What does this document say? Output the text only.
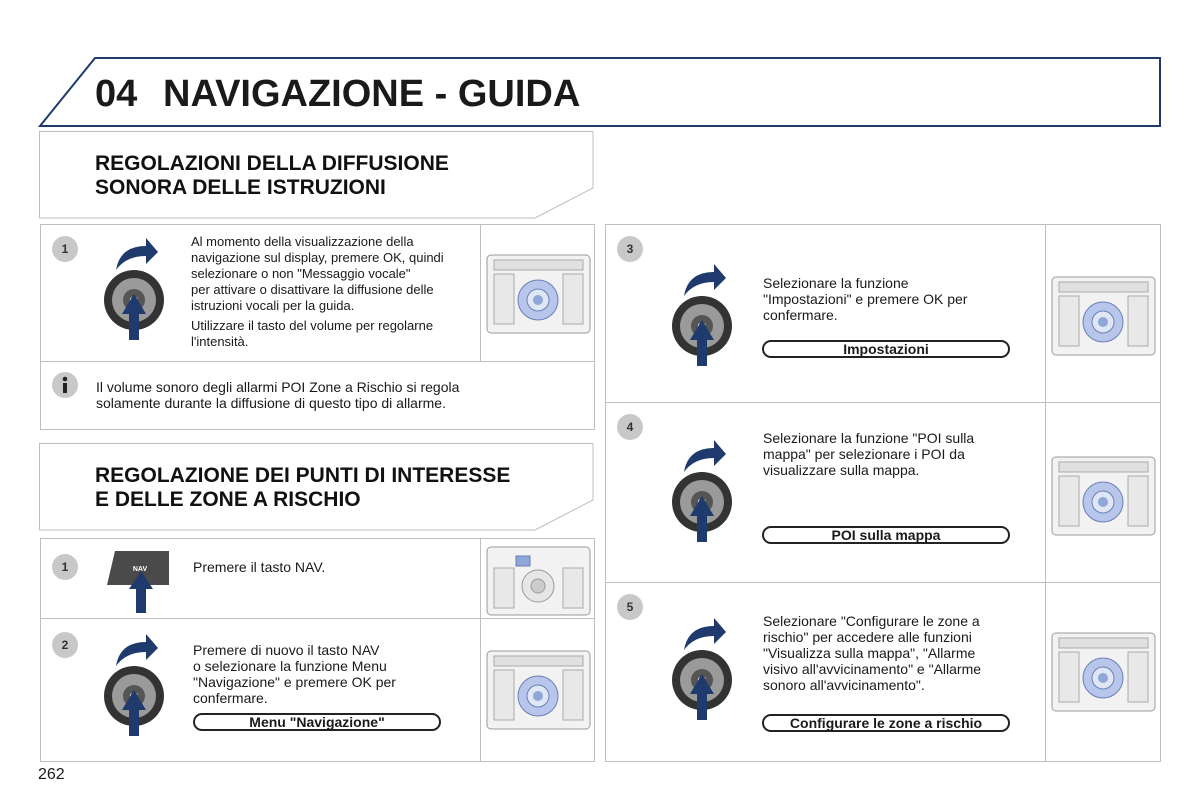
04 NAVIGAZIONE - GUIDA
REGOLAZIONI DELLA DIFFUSIONE
SONORA DELLE ISTRUZIONI
1	Al momento della visualizzazione della
navigazione sul display, premere OK, quindi
selezionare o non "Messaggio vocale"
per attivare o disattivare la diffusione delle
istruzioni vocali per la guida.
Utilizzare il tasto del volume per regolarne
l'intensità.
Il volume sonoro degli allarmi POI Zone a Rischio si regola
solamente durante la diffusione di questo tipo di allarme.
REGOLAZIONE DEI PUNTI DI INTERESSE
E DELLE ZONE A RISCHIO
1	NAV	Premere il tasto NAV.
2	Premere di nuovo il tasto NAV
o selezionare la funzione Menu
"Navigazione" e premere OK per
confermare.
Menu "Navigazione"
3
Selezionare la funzione
"Impostazioni" e premere OK per
confermare.
Impostazioni
4
Selezionare la funzione "POI sulla
mappa" per selezionare i POI da
visualizzare sulla mappa.
POI sulla mappa
5
Selezionare "Configurare le zone a
rischio" per accedere alle funzioni
"Visualizza sulla mappa", "Allarme
visivo all'avvicinamento" e "Allarme
sonoro all'avvicinamento".
Configurare le zone a rischio
262
